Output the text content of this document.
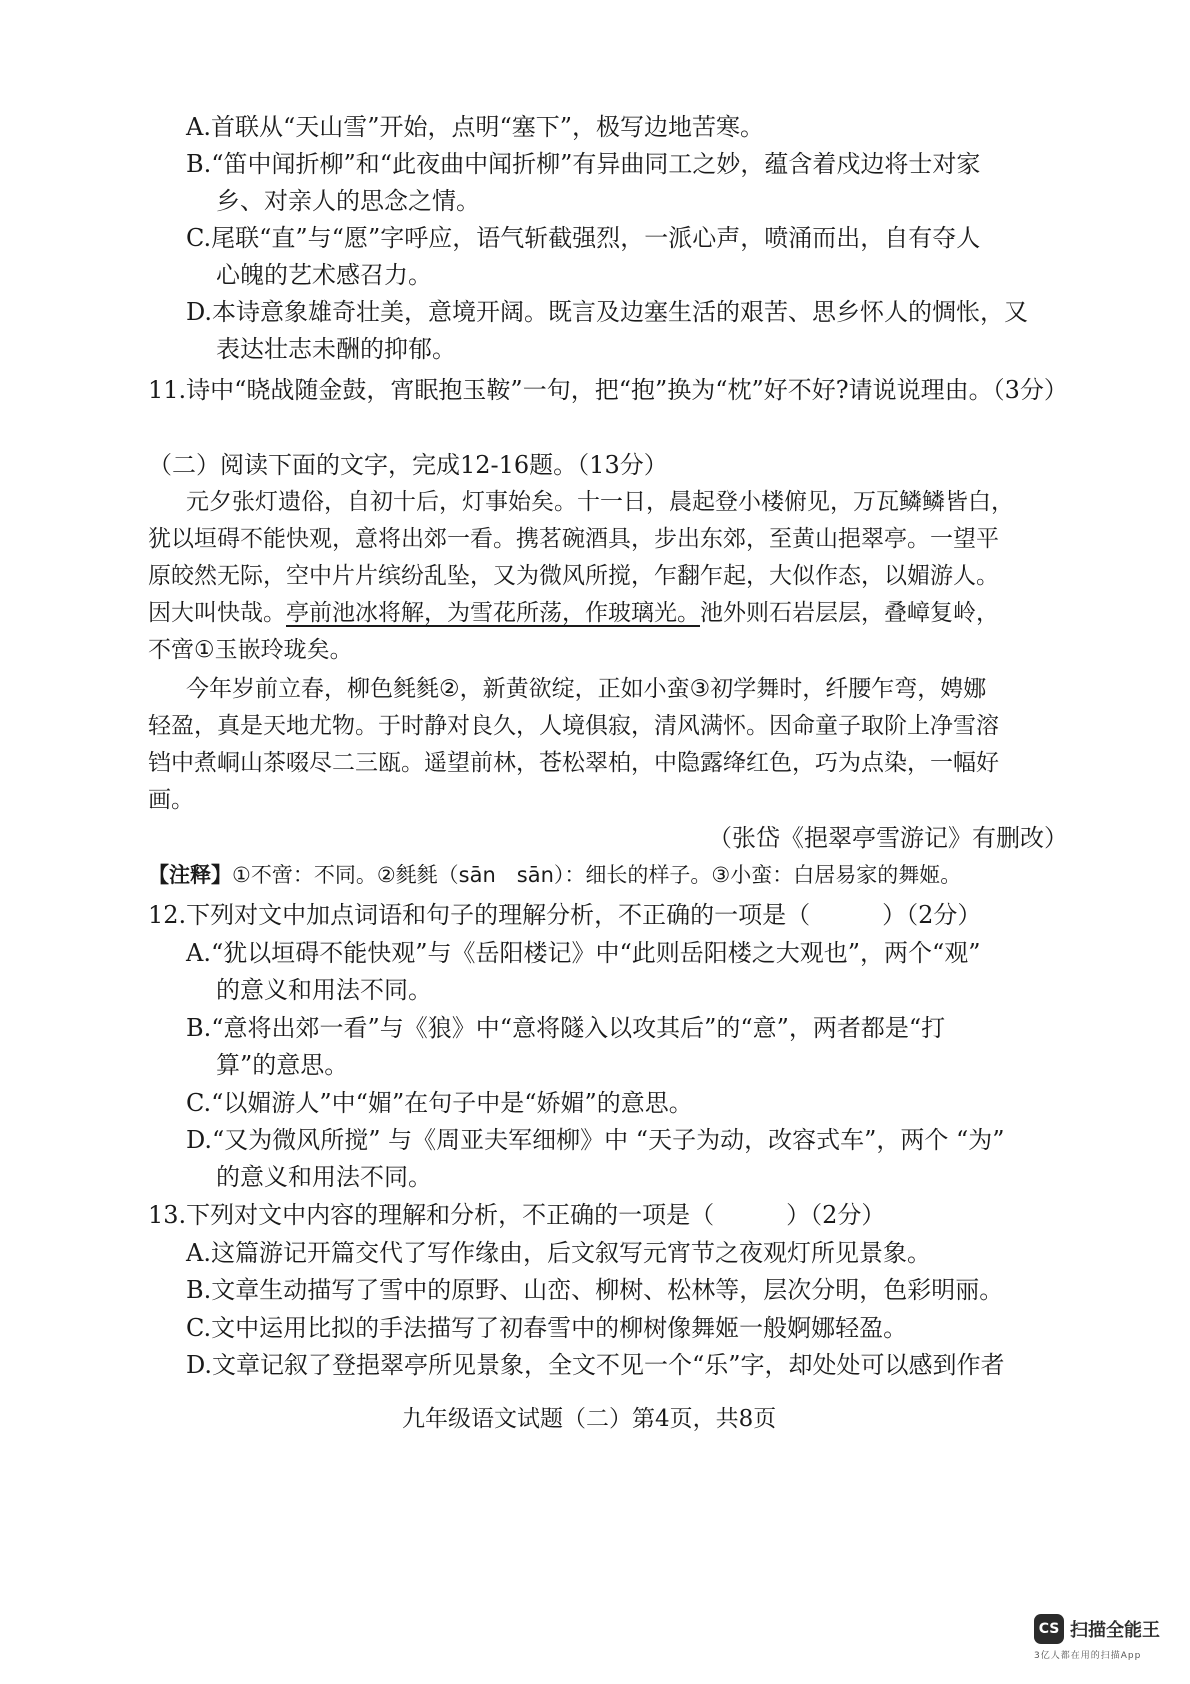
A.首联从“天山雪”开始，点明“塞下”，极写边地苦寒。
B.“笛中闻折柳”和“此夜曲中闻折柳”有异曲同工之妙，蕴含着戍边将士对家
乡、对亲人的思念之情。
C.尾联“直”与“愿”字呼应，语气斩截强烈，一派心声，喷涌而出，自有夺人
心魄的艺术感召力。
D.本诗意象雄奇壮美，意境开阔。既言及边塞生活的艰苦、思乡怀人的惆怅，又
表达壮志未酬的抑郁。
11.诗中“晓战随金鼓，宵眠抱玉鞍”一句，把“抱”换为“枕”好不好?请说说理由。（3分）
（二）阅读下面的文字，完成12-16题。（13分）
元夕张灯遗俗，自初十后，灯事始矣。十一日，晨起登小楼俯见，万瓦鳞鳞皆白，
犹以垣碍不能快观，意将出郊一看。携茗碗酒具，步出东郊，至黄山挹翠亭。一望平
原皎然无际，空中片片缤纷乱坠，又为微风所搅，乍翻乍起，大似作态，以媚游人。
因大叫快哉。亭前池冰将解，为雪花所荡，作玻璃光。池外则石岩层层，叠嶂复岭，
不啻①玉嵌玲珑矣。
今年岁前立春，柳色毵毵②，新黄欲绽，正如小蛮③初学舞时，纤腰乍弯，娉娜
轻盈，真是天地尤物。于时静对良久，人境俱寂，清风满怀。因命童子取阶上净雪溶
铛中煮峒山茶啜尽二三瓯。遥望前林，苍松翠柏，中隐露绛红色，巧为点染，一幅好
画。
（张岱《挹翠亭雪游记》有删改）
【注释】①不啻：不同。②毵毵（sān　sān）：细长的样子。③小蛮：白居易家的舞姬。
12.下列对文中加点词语和句子的理解分析，不正确的一项是（　　　）（2分）
A.“犹以垣碍不能快观”与《岳阳楼记》中“此则岳阳楼之大观也”，两个“观”
的意义和用法不同。
B.“意将出郊一看”与《狼》中“意将隧入以攻其后”的“意”，两者都是“打
算”的意思。
C.“以媚游人”中“媚”在句子中是“娇媚”的意思。
D.“又为微风所搅” 与《周亚夫军细柳》中 “天子为动，改容式车”，两个 “为”
的意义和用法不同。
13.下列对文中内容的理解和分析，不正确的一项是（　　　）（2分）
A.这篇游记开篇交代了写作缘由，后文叙写元宵节之夜观灯所见景象。
B.文章生动描写了雪中的原野、山峦、柳树、松林等，层次分明，色彩明丽。
C.文中运用比拟的手法描写了初春雪中的柳树像舞姬一般婀娜轻盈。
D.文章记叙了登挹翠亭所见景象，全文不见一个“乐”字，却处处可以感到作者
九年级语文试题（二）第4页，共8页
CS 扫描全能王
3亿人都在用的扫描App
